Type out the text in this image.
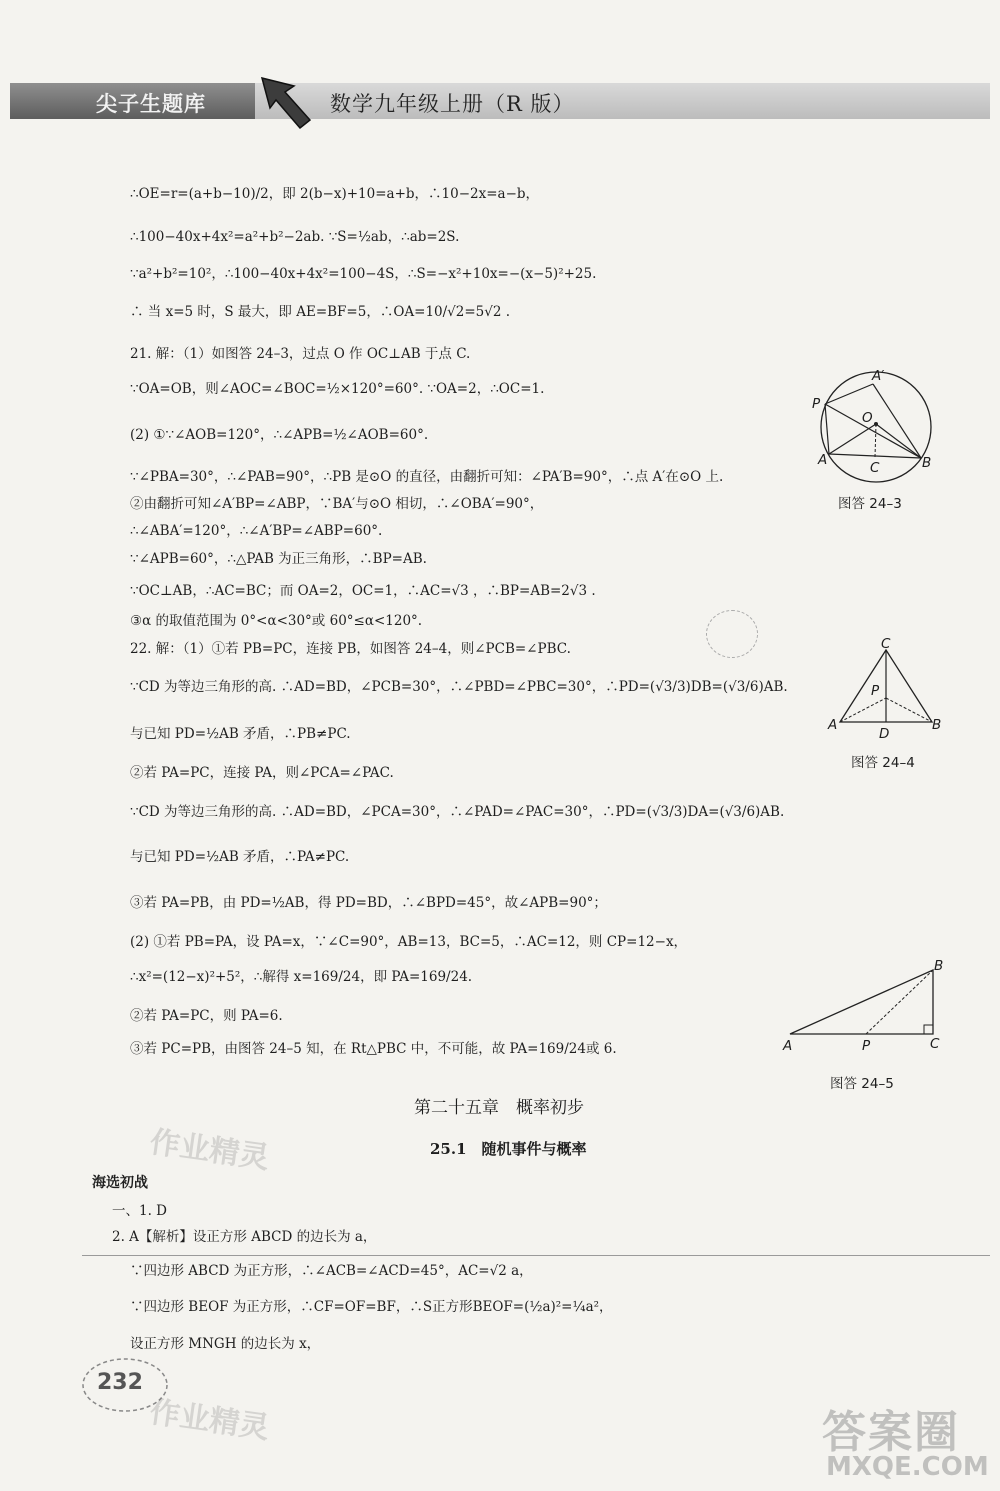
尖子生题库	数学九年级上册（R 版）
∴OE=r=(a+b−10)/2，即 2(b−x)+10=a+b，∴10−2x=a−b，
∴100−40x+4x²=a²+b²−2ab. ∵S=½ab，∴ab=2S.
∵a²+b²=10²，∴100−40x+4x²=100−4S，∴S=−x²+10x=−(x−5)²+25.
∴ 当 x=5 时，S 最大，即 AE=BF=5，∴OA=10/√2=5√2 .
21. 解：（1）如图答 24–3，过点 O 作 OC⊥AB 于点 C.
∵OA=OB，则∠AOC=∠BOC=½×120°=60°. ∵OA=2，∴OC=1.
(2) ①∵∠AOB=120°，∴∠APB=½∠AOB=60°.
∵∠PBA=30°，∴∠PAB=90°，∴PB 是⊙O 的直径，由翻折可知：∠PA′B=90°，∴点 A′在⊙O 上.
②由翻折可知∠A′BP=∠ABP，∵BA′与⊙O 相切，∴∠OBA′=90°，
∴∠ABA′=120°，∴∠A′BP=∠ABP=60°.
∵∠APB=60°，∴△PAB 为正三角形，∴BP=AB.
∵OC⊥AB，∴AC=BC；而 OA=2，OC=1，∴AC=√3 ，∴BP=AB=2√3 .
③α 的取值范围为 0°<α<30°或 60°≤α<120°.
22. 解：（1）①若 PB=PC，连接 PB，如图答 24–4，则∠PCB=∠PBC.
∵CD 为等边三角形的高. ∴AD=BD，∠PCB=30°，∴∠PBD=∠PBC=30°，∴PD=(√3/3)DB=(√3/6)AB.
与已知 PD=½AB 矛盾，∴PB≠PC.
②若 PA=PC，连接 PA，则∠PCA=∠PAC.
∵CD 为等边三角形的高. ∴AD=BD，∠PCA=30°，∴∠PAD=∠PAC=30°，∴PD=(√3/3)DA=(√3/6)AB.
与已知 PD=½AB 矛盾，∴PA≠PC.
③若 PA=PB，由 PD=½AB，得 PD=BD，∴∠BPD=45°，故∠APB=90°；
(2) ①若 PB=PA，设 PA=x，∵∠C=90°，AB=13，BC=5，∴AC=12，则 CP=12−x，
∴x²=(12−x)²+5²，∴解得 x=169/24，即 PA=169/24.
②若 PA=PC，则 PA=6.
③若 PC=PB，由图答 24–5 知，在 Rt△PBC 中，不可能，故 PA=169/24或 6.
第二十五章　概率初步
25.1　随机事件与概率
海选初战
一、1. D
2. A【解析】设正方形 ABCD 的边长为 a，
∵四边形 ABCD 为正方形，∴∠ACB=∠ACD=45°，AC=√2 a，
∵四边形 BEOF 为正方形，∴CF=OF=BF，∴S正方形BEOF=(½a)²=¼a²，
设正方形 MNGH 的边长为 x，
P
A′
O
A	C	B
图答 24–3
C
P
A
D
B
图答 24–4
B
A	P	C
图答 24–5
232
作业精灵
作业精灵	答案圈
MXQE.COM
